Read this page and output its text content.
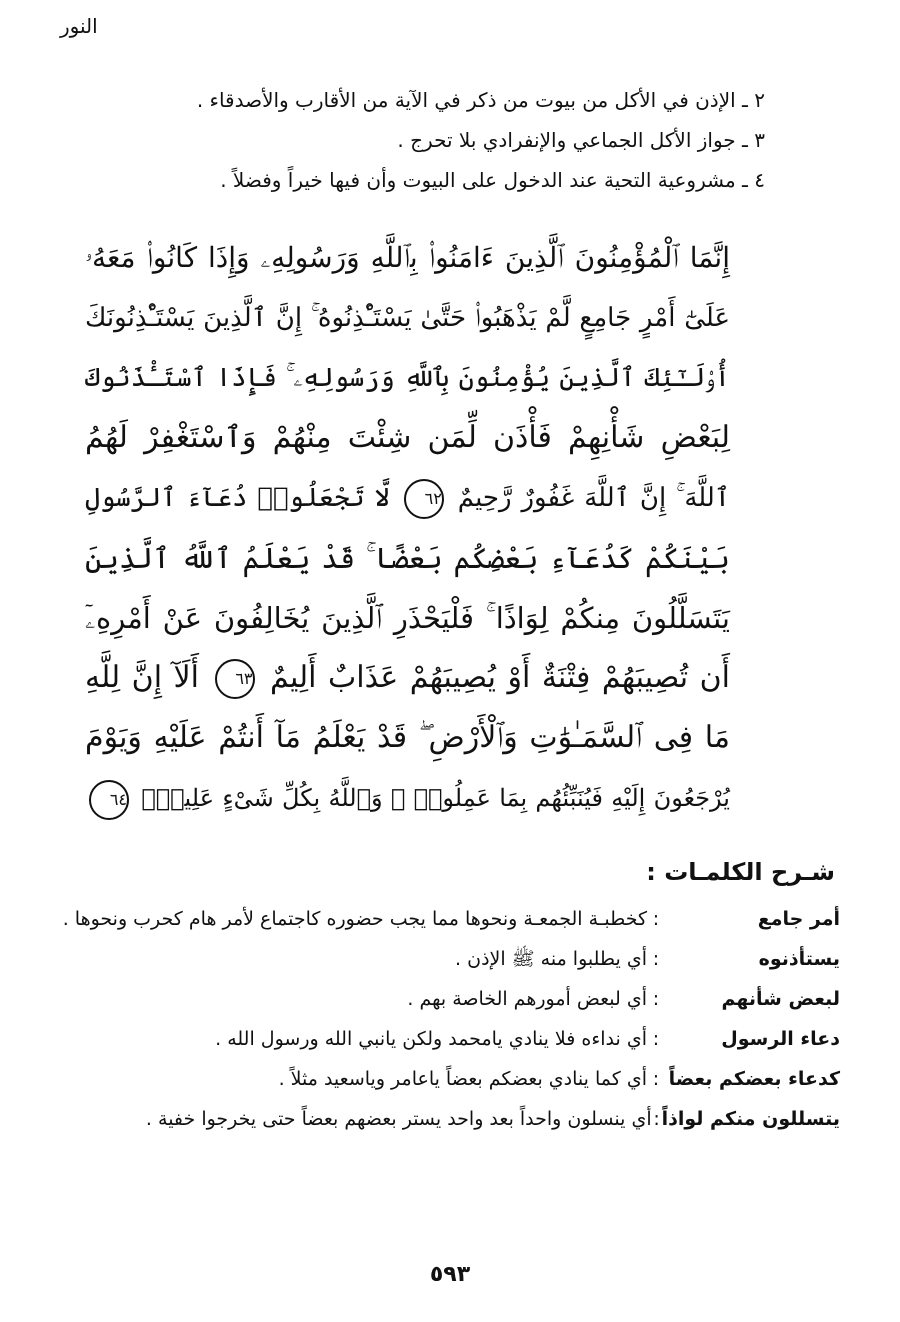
النور
٢ ـ الإذن في الأكل من بيوت من ذكر في الآية من الأقارب والأصدقاء .
٣ ـ جواز الأكل الجماعي والإنفرادي بلا تحرج .
٤ ـ مشروعية التحية عند الدخول على البيوت وأن فيها خيراً وفضلاً .
إِنَّمَا ٱلْمُؤْمِنُونَ ٱلَّذِينَ ءَامَنُوا۟ بِٱللَّهِ وَرَسُولِهِۦ وَإِذَا كَانُوا۟ مَعَهُۥ
عَلَىٰٓ أَمْرٍ جَامِعٍ لَّمْ يَذْهَبُوا۟ حَتَّىٰ يَسْتَـْٔذِنُوهُ ۚ إِنَّ ٱلَّذِينَ يَسْتَـْٔذِنُونَكَ
أُو۟لَـٰٓئِكَ ٱلَّذِينَ يُؤْمِنُونَ بِٱللَّهِ وَرَسُولِهِۦ ۚ فَإِذَا ٱسْتَـْٔذَنُوكَ
لِبَعْضِ شَأْنِهِمْ فَأْذَن لِّمَن شِئْتَ مِنْهُمْ وَٱسْتَغْفِرْ لَهُمُ
ٱللَّهَ ۚ إِنَّ ٱللَّهَ غَفُورٌ رَّحِيمٌ ٦٢ لَّا تَجْعَلُوا۟ دُعَآءَ ٱلرَّسُولِ
بَيْنَكُمْ كَدُعَآءِ بَعْضِكُم بَعْضًا ۚ قَدْ يَعْلَمُ ٱللَّهُ ٱلَّذِينَ
يَتَسَلَّلُونَ مِنكُمْ لِوَاذًا ۚ فَلْيَحْذَرِ ٱلَّذِينَ يُخَالِفُونَ عَنْ أَمْرِهِۦٓ
أَن تُصِيبَهُمْ فِتْنَةٌ أَوْ يُصِيبَهُمْ عَذَابٌ أَلِيمٌ ٦٣ أَلَآ إِنَّ لِلَّهِ
مَا فِى ٱلسَّمَـٰوَٰتِ وَٱلْأَرْضِ ۖ قَدْ يَعْلَمُ مَآ أَنتُمْ عَلَيْهِ وَيَوْمَ
يُرْجَعُونَ إِلَيْهِ فَيُنَبِّئُهُم بِمَا عَمِلُوا۟ ۗ وَٱللَّهُ بِكُلِّ شَىْءٍ عَلِيمٌۢ ٦٤
شـرح الكلمـات :
أمر جامع
:
كخطبـة الجمعـة ونحوها مما يجب حضوره كاجتماع لأمر هام كحرب ونحوها .
يستأذنوه
:
أي يطلبوا منه ﷺ الإذن .
لبعض شأنهم
:
أي لبعض أمورهم الخاصة بهم .
دعاء الرسول
:
أي نداءه فلا ينادي يامحمد ولكن يانبي الله ورسول الله .
كدعاء بعضكم بعضاً
:
أي كما ينادي بعضكم بعضاً ياعامر وياسعيد مثلاً .
يتسللون منكم لواذاً
:
أي ينسلون واحداً بعد واحد يستر بعضهم بعضاً حتى يخرجوا خفية .
٥٩٣
